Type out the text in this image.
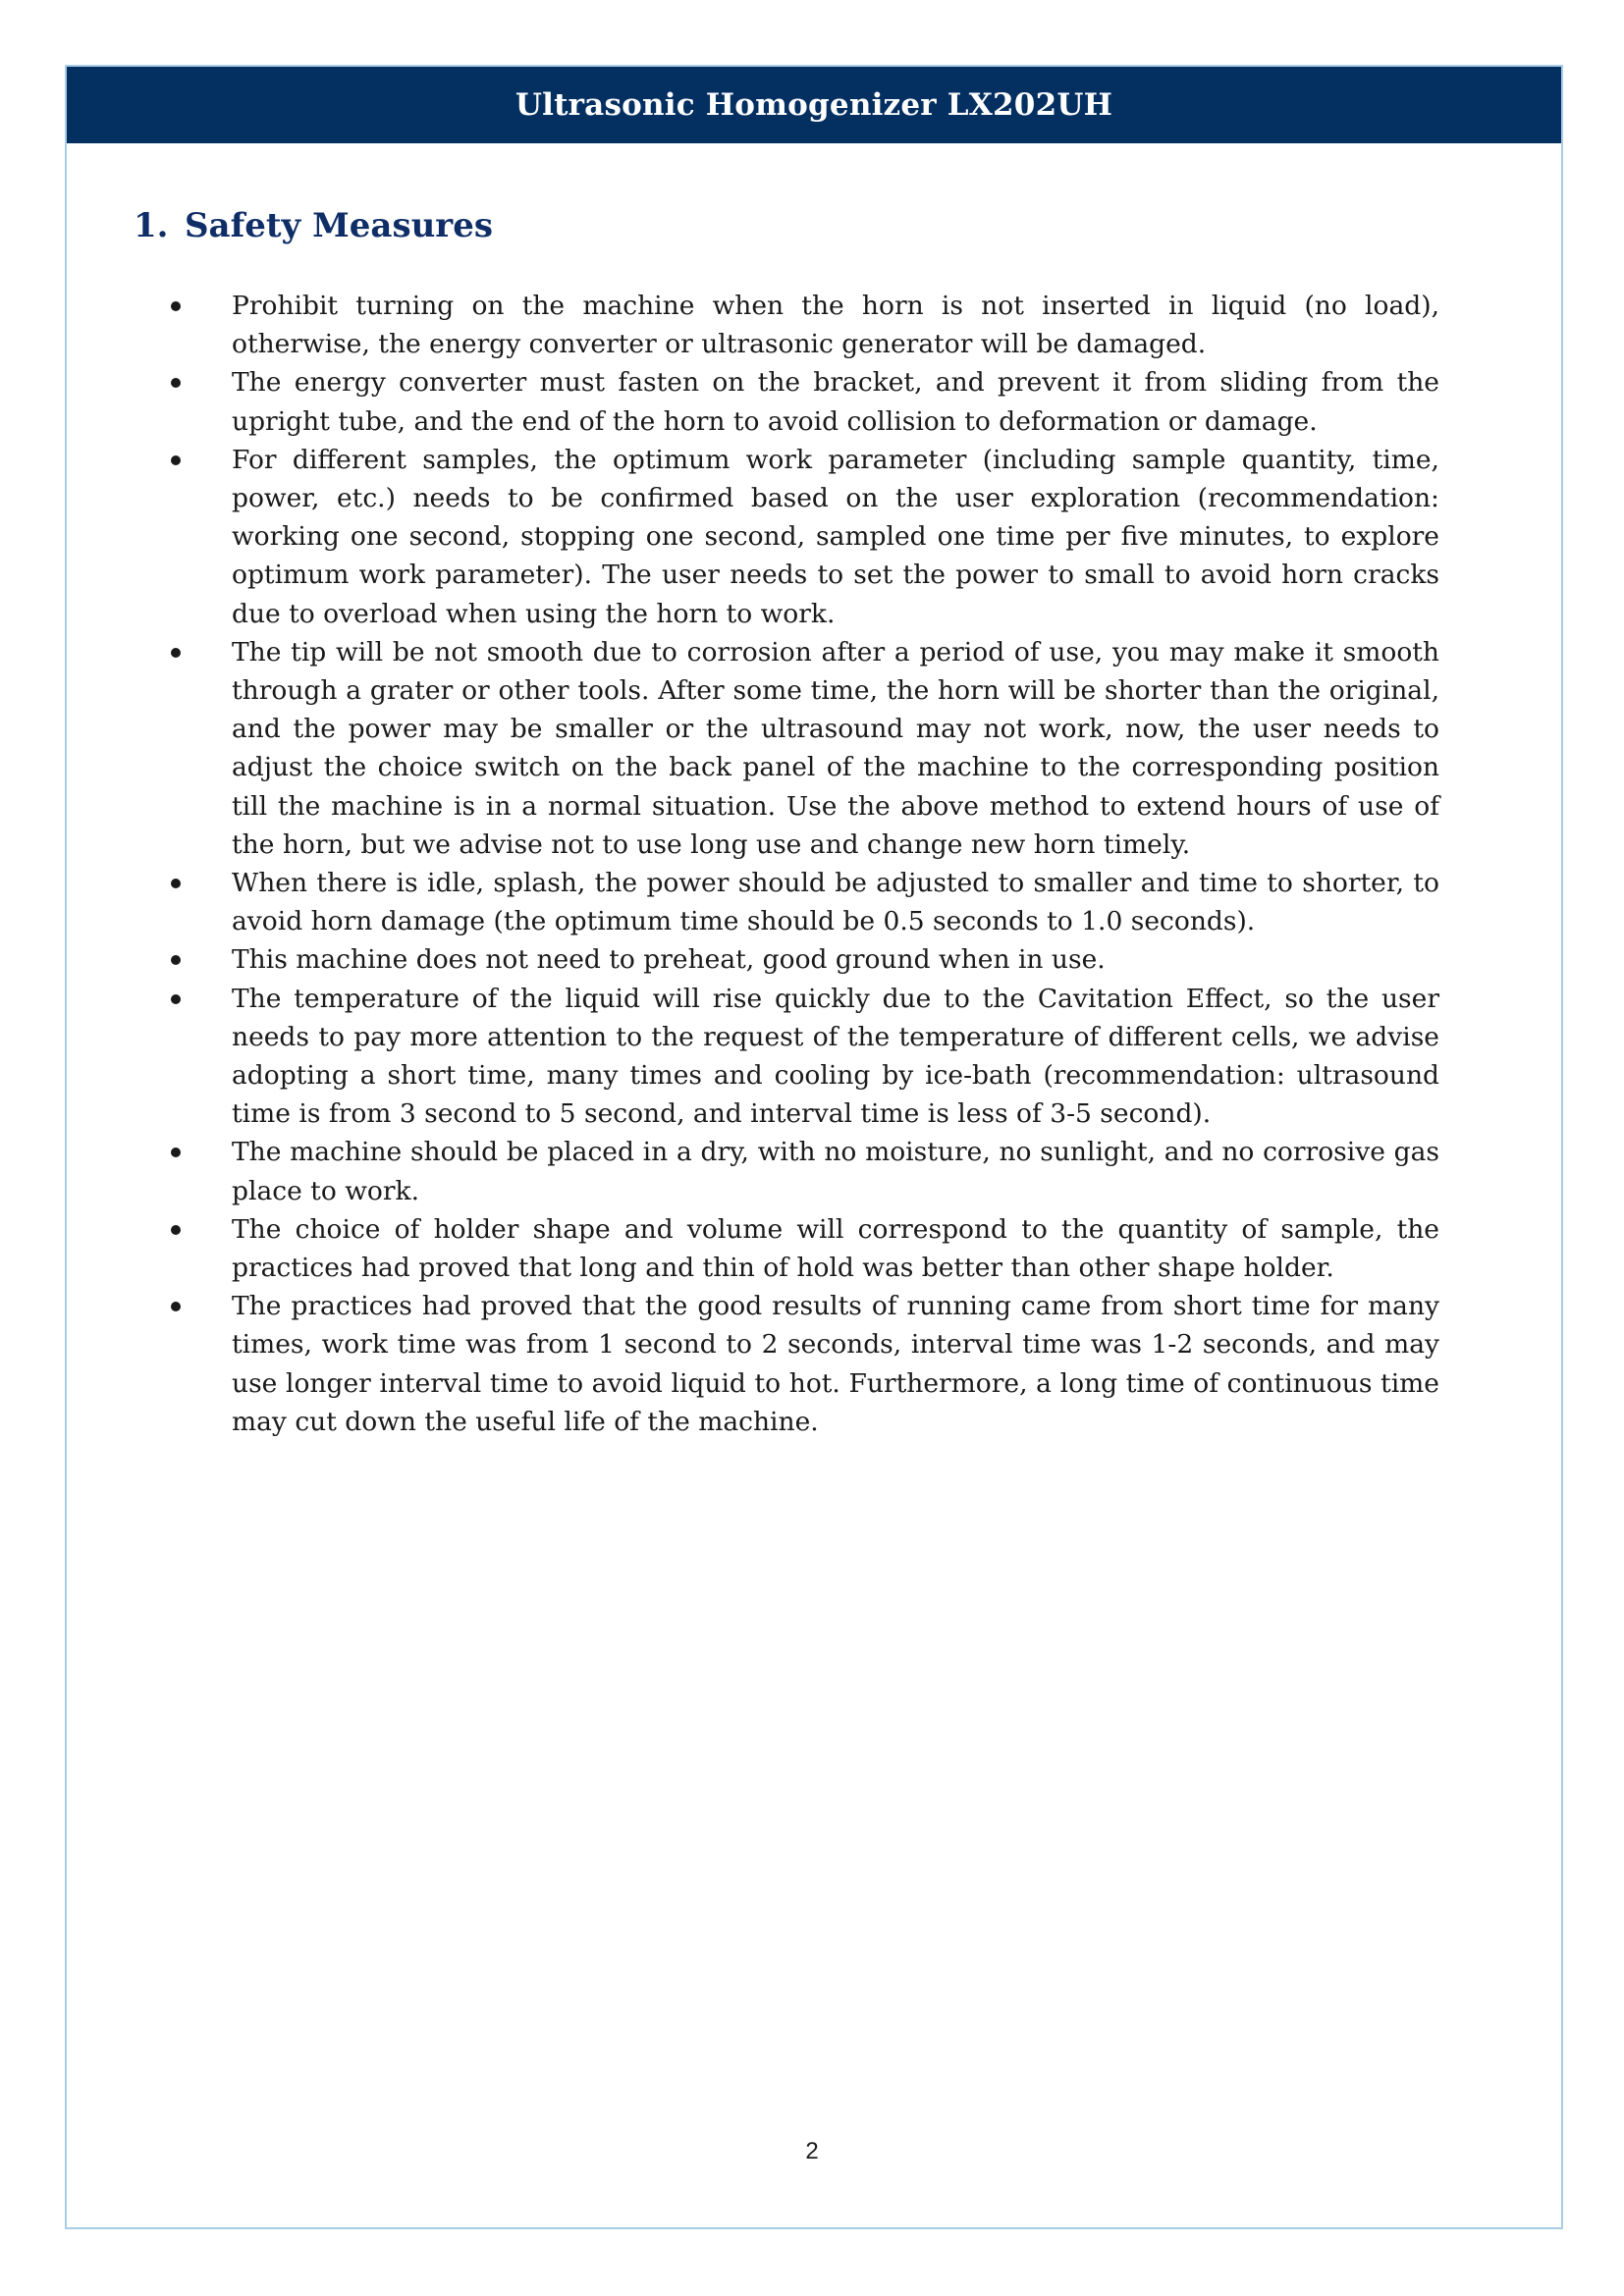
Ultrasonic Homogenizer LX202UH
1. Safety Measures
Prohibit turning on the machine when the horn is not inserted in liquid (no load), otherwise, the energy converter or ultrasonic generator will be damaged.
The energy converter must fasten on the bracket, and prevent it from sliding from the upright tube, and the end of the horn to avoid collision to deformation or damage.
For different samples, the optimum work parameter (including sample quantity, time, power, etc.) needs to be confirmed based on the user exploration (recommendation: working one second, stopping one second, sampled one time per five minutes, to explore optimum work parameter). The user needs to set the power to small to avoid horn cracks due to overload when using the horn to work.
The tip will be not smooth due to corrosion after a period of use, you may make it smooth through a grater or other tools. After some time, the horn will be shorter than the original, and the power may be smaller or the ultrasound may not work, now, the user needs to adjust the choice switch on the back panel of the machine to the corresponding position till the machine is in a normal situation. Use the above method to extend hours of use of the horn, but we advise not to use long use and change new horn timely.
When there is idle, splash, the power should be adjusted to smaller and time to shorter, to avoid horn damage (the optimum time should be 0.5 seconds to 1.0 seconds).
This machine does not need to preheat, good ground when in use.
The temperature of the liquid will rise quickly due to the Cavitation Effect, so the user needs to pay more attention to the request of the temperature of different cells, we advise adopting a short time, many times and cooling by ice-bath (recommendation: ultrasound time is from 3 second to 5 second, and interval time is less of 3-5 second).
The machine should be placed in a dry, with no moisture, no sunlight, and no corrosive gas place to work.
The choice of holder shape and volume will correspond to the quantity of sample, the practices had proved that long and thin of hold was better than other shape holder.
The practices had proved that the good results of running came from short time for many times, work time was from 1 second to 2 seconds, interval time was 1-2 seconds, and may use longer interval time to avoid liquid to hot. Furthermore, a long time of continuous time may cut down the useful life of the machine.
2
